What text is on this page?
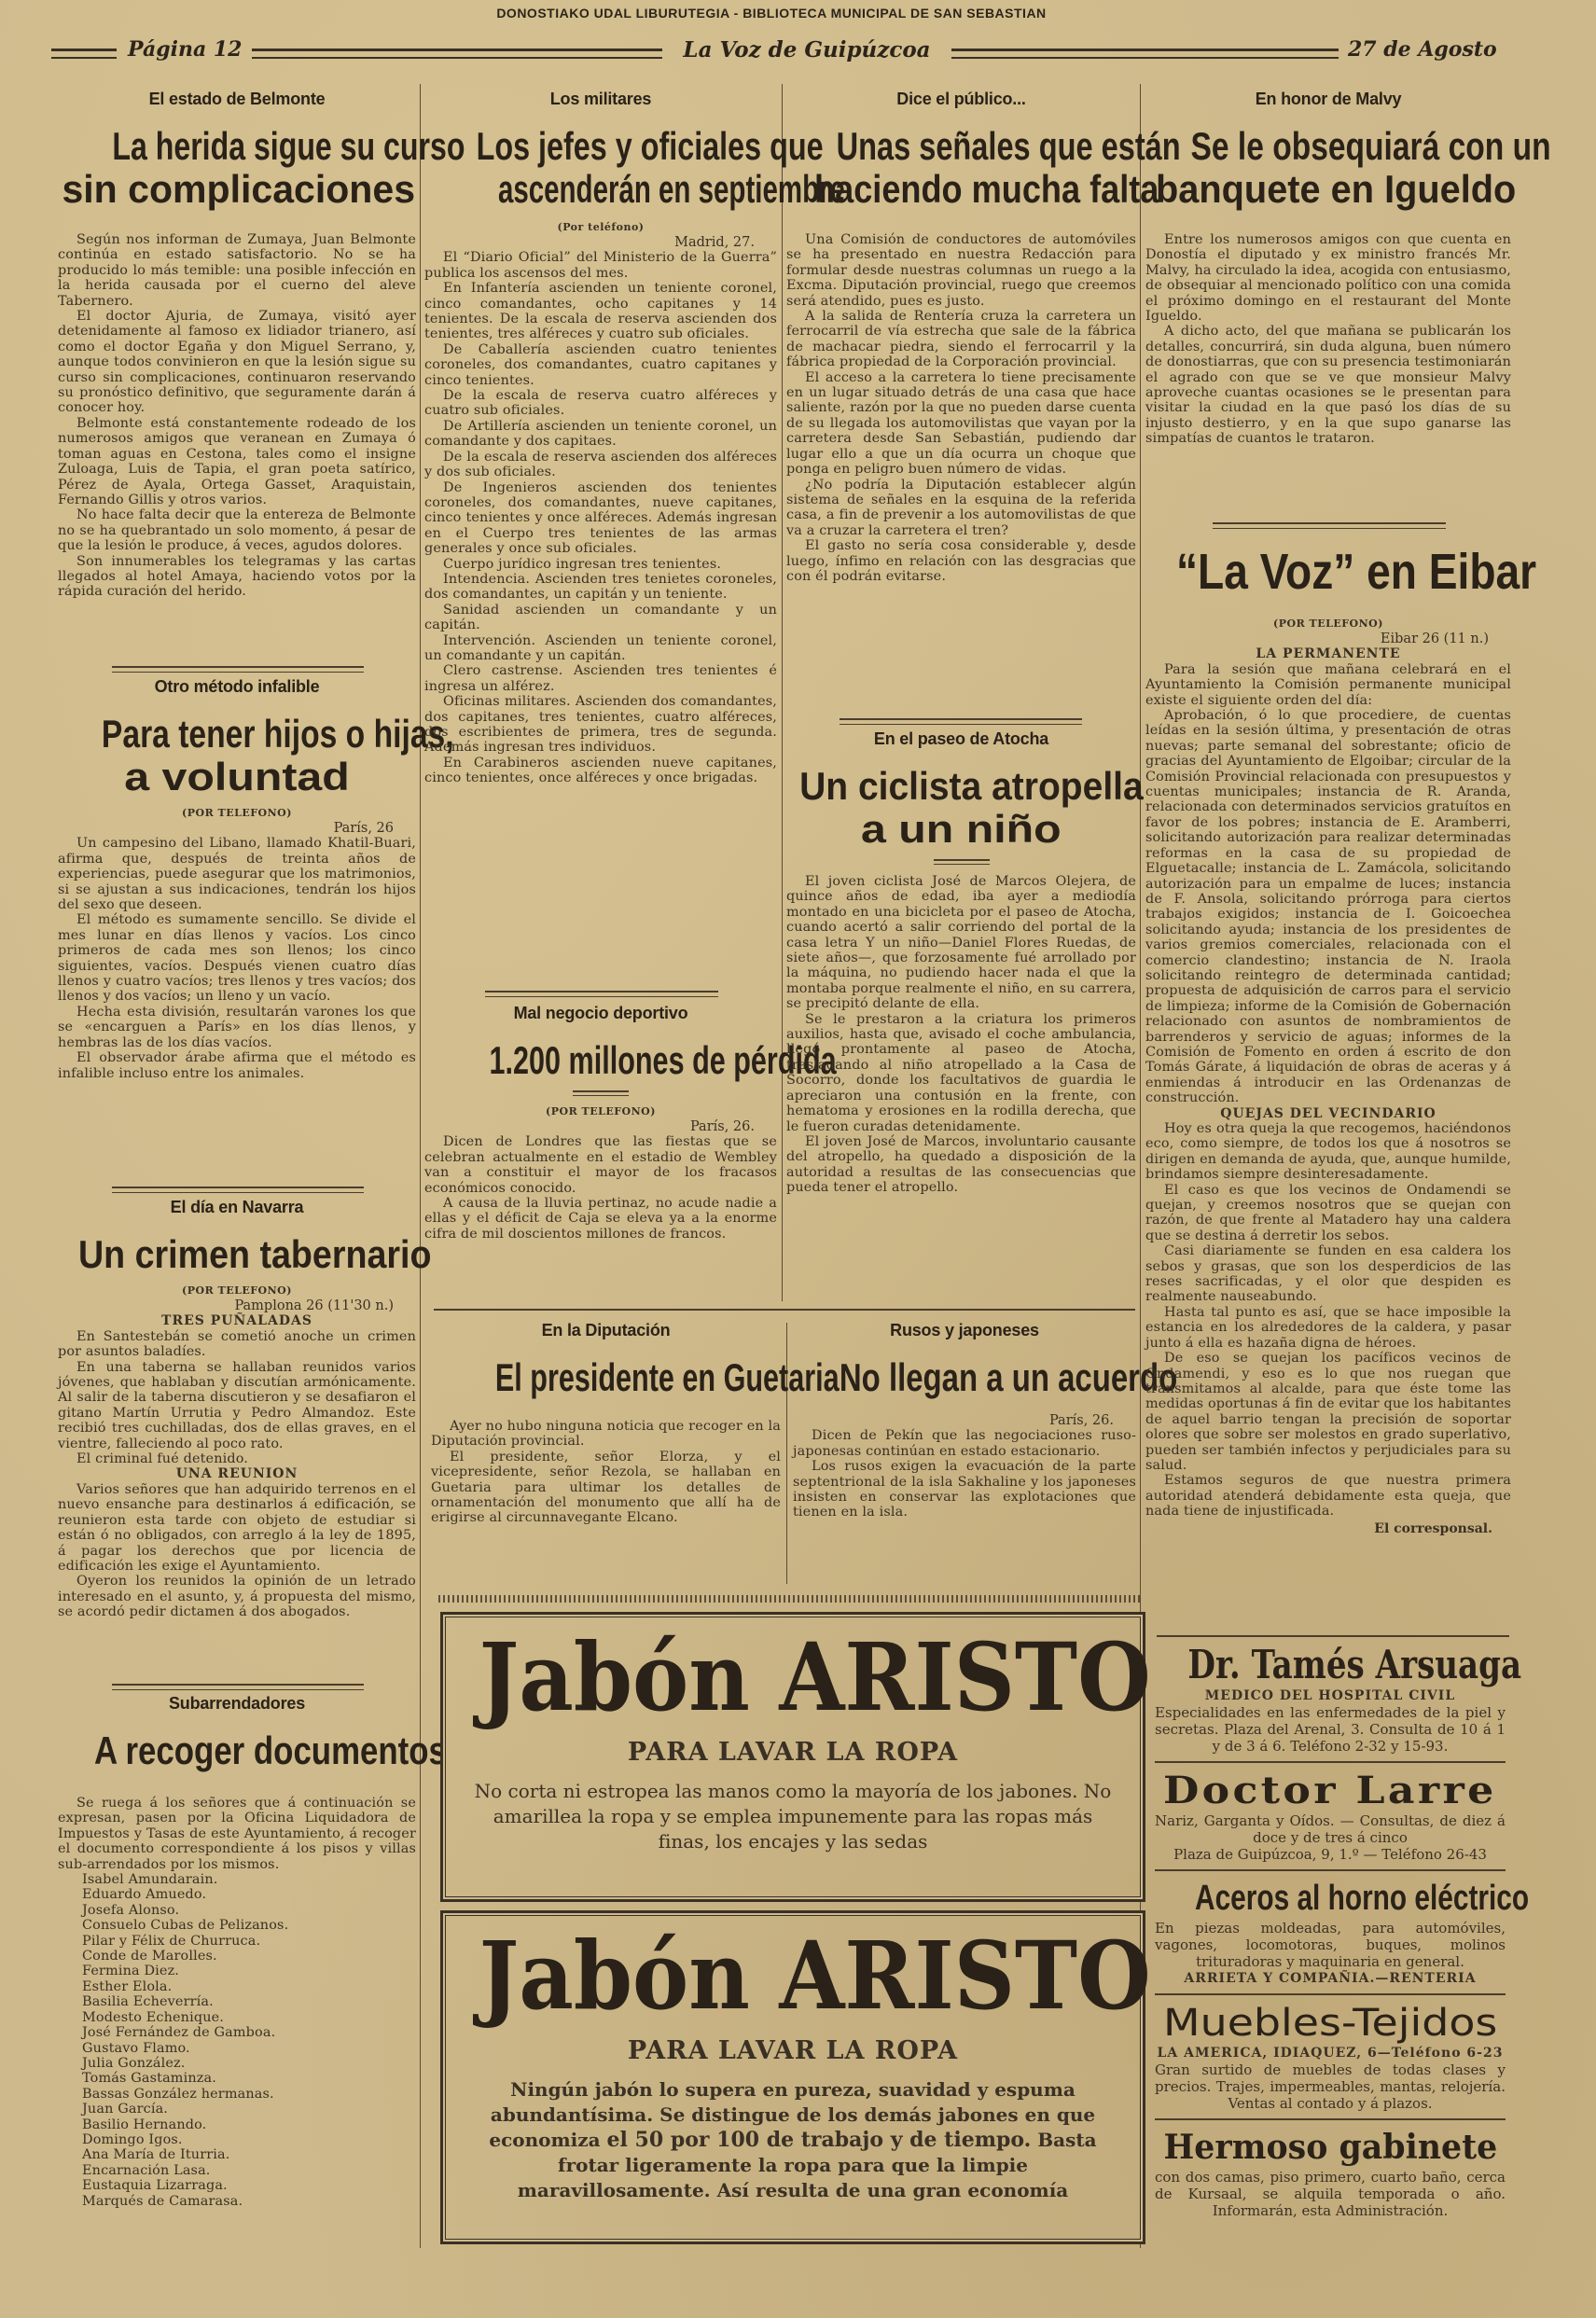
DONOSTIAKO UDAL LIBURUTEGIA - BIBLIOTECA MUNICIPAL DE SAN SEBASTIAN
Página 12	La Voz de Guipúzcoa	27 de Agosto
El estado de Belmonte
La herida sigue su curso
sin complicaciones

Según nos informan de Zumaya, Juan Belmonte continúa en estado satisfactorio. No se ha producido lo más temible: una posible infección en la herida causada por el cuerno del aleve Tabernero.

El doctor Ajuria, de Zumaya, visitó ayer detenidamente al famoso ex lidiador trianero, así como el doctor Egaña y don Miguel Serrano, y, aunque todos convinieron en que la lesión sigue su curso sin complicaciones, continuaron reservando su pronóstico definitivo, que seguramente darán á conocer hoy.

Belmonte está constantemente rodeado de los numerosos amigos que veranean en Zumaya ó toman aguas en Cestona, tales como el insigne Zuloaga, Luis de Tapia, el gran poeta satírico, Pérez de Ayala, Ortega Gasset, Araquistain, Fernando Gillis y otros varios.

No hace falta decir que la entereza de Belmonte no se ha quebrantado un solo momento, á pesar de que la lesión le produce, á veces, agudos dolores.

Son innumerables los telegramas y las cartas llegados al hotel Amaya, haciendo votos por la rápida curación del herido.

Otro método infalible
Para tener hijos o hijas,
a voluntad
(POR TELEFONO)
París, 26

Un campesino del Libano, llamado Khatil-Buari, afirma que, después de treinta años de experiencias, puede asegurar que los matrimonios, si se ajustan a sus indicaciones, tendrán los hijos del sexo que deseen.

El método es sumamente sencillo. Se divide el mes lunar en días llenos y vacíos. Los cinco primeros de cada mes son llenos; los cinco siguientes, vacíos. Después vienen cuatro días llenos y cuatro vacíos; tres llenos y tres vacíos; dos llenos y dos vacíos; un lleno y un vacío.

Hecha esta división, resultarán varones los que se «encarguen a París» en los días llenos, y hembras las de los días vacíos.

El observador árabe afirma que el método es infalible incluso entre los animales.

El día en Navarra
Un crimen tabernario
(POR TELEFONO)
Pamplona 26 (11'30 n.)
TRES PUÑALADAS

En Santestebán se cometió anoche un crimen por asuntos baladíes.

En una taberna se hallaban reunidos varios jóvenes, que hablaban y discutían armónicamente. Al salir de la taberna discutieron y se desafiaron el gitano Martín Urrutia y Pedro Almandoz. Este recibió tres cuchilladas, dos de ellas graves, en el vientre, falleciendo al poco rato.

El criminal fué detenido.

UNA REUNION

Varios señores que han adquirido terrenos en el nuevo ensanche para destinarlos á edificación, se reunieron esta tarde con objeto de estudiar si están ó no obligados, con arreglo á la ley de 1895, á pagar los derechos que por licencia de edificación les exige el Ayuntamiento.

Oyeron los reunidos la opinión de un letrado interesado en el asunto, y, á propuesta del mismo, se acordó pedir dictamen á dos abogados.

Subarrendadores
A recoger documentos

Se ruega á los señores que á continuación se expresan, pasen por la Oficina Liquidadora de Impuestos y Tasas de este Ayuntamiento, á recoger el documento correspondiente á los pisos y villas sub-arrendados por los mismos.

Isabel Amundarain.

Eduardo Amuedo.

Josefa Alonso.

Consuelo Cubas de Pelizanos.

Pilar y Félix de Churruca.

Conde de Marolles.

Fermina Diez.

Esther Elola.

Basilia Echeverría.

Modesto Echenique.

José Fernández de Gamboa.

Gustavo Flamo.

Julia González.

Tomás Gastaminza.

Bassas González hermanas.

Juan García.

Basilio Hernando.

Domingo Igos.

Ana María de Iturria.

Encarnación Lasa.

Eustaquia Lizarraga.

Marqués de Camarasa.

Los militares
Los jefes y oficiales que
ascenderán en septiembre
(Por teléfono)
Madrid, 27.

El “Diario Oficial” del Ministerio de la Guerra” publica los ascensos del mes.

En Infantería ascienden un teniente coronel, cinco comandantes, ocho capitanes y 14 tenientes. De la escala de reserva ascienden dos tenientes, tres alféreces y cuatro sub oficiales.

De Caballería ascienden cuatro tenientes coroneles, dos comandantes, cuatro capitanes y cinco tenientes.

De la escala de reserva cuatro alféreces y cuatro sub oficiales.

De Artillería ascienden un teniente coronel, un comandante y dos capitaes.

De la escala de reserva ascienden dos alféreces y dos sub oficiales.

De Ingenieros ascienden dos tenientes coroneles, dos comandantes, nueve capitanes, cinco tenientes y once alféreces. Además ingresan en el Cuerpo tres tenientes de las armas generales y once sub oficiales.

Cuerpo jurídico ingresan tres tenientes.

Intendencia. Ascienden tres tenietes coroneles, dos comandantes, un capitán y un teniente.

Sanidad ascienden un comandante y un capitán.

Intervención. Ascienden un teniente coronel, un comandante y un capitán.

Clero castrense. Ascienden tres tenientes é ingresa un alférez.

Oficinas militares. Ascienden dos comandantes, dos capitanes, tres tenientes, cuatro alféreces, dos escribientes de primera, tres de segunda. Además ingresan tres individuos.

En Carabineros ascienden nueve capitanes, cinco tenientes, once alféreces y once brigadas.

Mal negocio deportivo
1.200 millones de pérdida
(POR TELEFONO)
París, 26.

Dicen de Londres que las fiestas que se celebran actualmente en el estadio de Wembley van a constituir el mayor de los fracasos económicos conocido.

A causa de la lluvia pertinaz, no acude nadie a ellas y el déficit de Caja se eleva ya a la enorme cifra de mil doscientos millones de francos.

Dice el público...
Unas señales que están
haciendo mucha falta

Una Comisión de conductores de automóviles se ha presentado en nuestra Redacción para formular desde nuestras columnas un ruego a la Excma. Diputación provincial, ruego que creemos será atendido, pues es justo.

A la salida de Rentería cruza la carretera un ferrocarril de vía estrecha que sale de la fábrica de machacar piedra, siendo el ferrocarril y la fábrica propiedad de la Corporación provincial.

El acceso a la carretera lo tiene precisamente en un lugar situado detrás de una casa que hace saliente, razón por la que no pueden darse cuenta de su llegada los automovilistas que vayan por la carretera desde San Sebastián, pudiendo dar lugar ello a que un día ocurra un choque que ponga en peligro buen número de vidas.

¿No podría la Diputación establecer algún sistema de señales en la esquina de la referida casa, a fin de prevenir a los automovilistas de que va a cruzar la carretera el tren?

El gasto no sería cosa considerable y, desde luego, ínfimo en relación con las desgracias que con él podrán evitarse.

En el paseo de Atocha
Un ciclista atropella
a un niño

El joven ciclista José de Marcos Olejera, de quince años de edad, iba ayer a mediodía montado en una bicicleta por el paseo de Atocha, cuando acertó a salir corriendo del portal de la casa letra Y un niño—Daniel Flores Ruedas, de siete años—, que forzosamente fué arrollado por la máquina, no pudiendo hacer nada el que la montaba porque realmente el niño, en su carrera, se precipitó delante de ella.

Se le prestaron a la criatura los primeros auxilios, hasta que, avisado el coche ambulancia, llegó prontamente al paseo de Atocha, trasladando al niño atropellado a la Casa de Socorro, donde los facultativos de guardia le apreciaron una contusión en la frente, con hematoma y erosiones en la rodilla derecha, que le fueron curadas detenidamente.

El joven José de Marcos, involuntario causante del atropello, ha quedado a disposición de la autoridad a resultas de las consecuencias que pueda tener el atropello.

En la Diputación
El presidente en Guetaria

Ayer no hubo ninguna noticia que recoger en la Diputación provincial.

El presidente, señor Elorza, y el vicepresidente, señor Rezola, se hallaban en Guetaria para ultimar los detalles de ornamentación del monumento que allí ha de erigirse al circunnavegante Elcano.

Rusos y japoneses
No llegan a un acuerdo
París, 26.

Dicen de Pekín que las negociaciones ruso-japonesas continúan en estado estacionario.

Los rusos exigen la evacuación de la parte septentrional de la isla Sakhaline y los japoneses insisten en conservar las explotaciones que tienen en la isla.

Jabón ARISTO
PARA LAVAR LA ROPA
No corta ni estropea las manos como la mayoría de los jabones. No amarillea la ropa y se emplea impunemente para las ropas más finas, los encajes y las sedas
Jabón ARISTO
PARA LAVAR LA ROPA
Ningún jabón lo supera en pureza, suavidad y espuma abundantísima. Se distingue de los demás jabones en que economiza el 50 por 100 de trabajo y de tiempo. Basta frotar ligeramente la ropa para que la limpie maravillosamente. Así resulta de una gran economía
En honor de Malvy
Se le obsequiará con un
banquete en Igueldo

Entre los numerosos amigos con que cuenta en Donostía el diputado y ex ministro francés Mr. Malvy, ha circulado la idea, acogida con entusiasmo, de obsequiar al mencionado político con una comida el próximo domingo en el restaurant del Monte Igueldo.

A dicho acto, del que mañana se publicarán los detalles, concurrirá, sin duda alguna, buen número de donostiarras, que con su presencia testimoniarán el agrado con que se ve que monsieur Malvy aproveche cuantas ocasiones se le presentan para visitar la ciudad en la que pasó los días de su injusto destierro, y en la que supo ganarse las simpatías de cuantos le trataron.

“La Voz” en Eibar
(POR TELEFONO)
Eibar 26 (11 n.)
LA PERMANENTE

Para la sesión que mañana celebrará en el Ayuntamiento la Comisión permanente municipal existe el siguiente orden del día:

Aprobación, ó lo que procediere, de cuentas leídas en la sesión última, y presentación de otras nuevas; parte semanal del sobrestante; oficio de gracias del Ayuntamiento de Elgoibar; circular de la Comisión Provincial relacionada con presupuestos y cuentas municipales; instancia de R. Aranda, relacionada con determinados servicios gratuítos en favor de los pobres; instancia de E. Aramberri, solicitando autorización para realizar determinadas reformas en la casa de su propiedad de Elguetacalle; instancia de L. Zamácola, solicitando autorización para un empalme de luces; instancia de F. Ansola, solicitando prórroga para ciertos trabajos exigidos; instancia de I. Goicoechea solicitando ayuda; instancia de los presidentes de varios gremios comerciales, relacionada con el comercio clandestino; instancia de N. Iraola solicitando reintegro de determinada cantidad; propuesta de adquisición de carros para el servicio de limpieza; informe de la Comisión de Gobernación relacionado con asuntos de nombramientos de barrenderos y servicio de aguas; informes de la Comisión de Fomento en orden á escrito de don Tomás Gárate, á liquidación de obras de aceras y á enmiendas á introducir en las Ordenanzas de construcción.

QUEJAS DEL VECINDARIO

Hoy es otra queja la que recogemos, haciéndonos eco, como siempre, de todos los que á nosotros se dirigen en demanda de ayuda, que, aunque humilde, brindamos siempre desinteresadamente.

El caso es que los vecinos de Ondamendi se quejan, y creemos nosotros que se quejan con razón, de que frente al Matadero hay una caldera que se destina á derretir los sebos.

Casi diariamente se funden en esa caldera los sebos y grasas, que son los desperdicios de las reses sacrificadas, y el olor que despiden es realmente nauseabundo.

Hasta tal punto es así, que se hace imposible la estancia en los alrededores de la caldera, y pasar junto á ella es hazaña digna de héroes.

De eso se quejan los pacíficos vecinos de Ondamendi, y eso es lo que nos ruegan que transmitamos al alcalde, para que éste tome las medidas oportunas á fin de evitar que los habitantes de aquel barrio tengan la precisión de soportar olores que sobre ser molestos en grado superlativo, pueden ser también infectos y perjudiciales para su salud.

Estamos seguros de que nuestra primera autoridad atenderá debidamente esta queja, que nada tiene de injustificada.

El corresponsal.
Dr. Tamés Arsuaga
MEDICO DEL HOSPITAL CIVIL
Especialidades en las enfermedades de la piel y secretas. Plaza del Arenal, 3. Consulta de 10 á 1 y de 3 á 6. Teléfono 2-32 y 15-93.
Doctor Larre
Nariz, Garganta y Oídos. — Consultas, de diez á doce y de tres á cinco
Plaza de Guipúzcoa, 9, 1.º — Teléfono 26-43
Aceros al horno eléctrico
En piezas moldeadas, para automóviles, vagones, locomotoras, buques, molinos trituradoras y maquinaria en general.
ARRIETA Y COMPAÑIA.—RENTERIA
Muebles-Tejidos
LA AMERICA, IDIAQUEZ, 6—Teléfono 6-23
Gran surtido de muebles de todas clases y precios. Trajes, impermeables, mantas, relojería. Ventas al contado y á plazos.
Hermoso gabinete
con dos camas, piso primero, cuarto baño, cerca de Kursaal, se alquila temporada o año. Informarán, esta Administración.
